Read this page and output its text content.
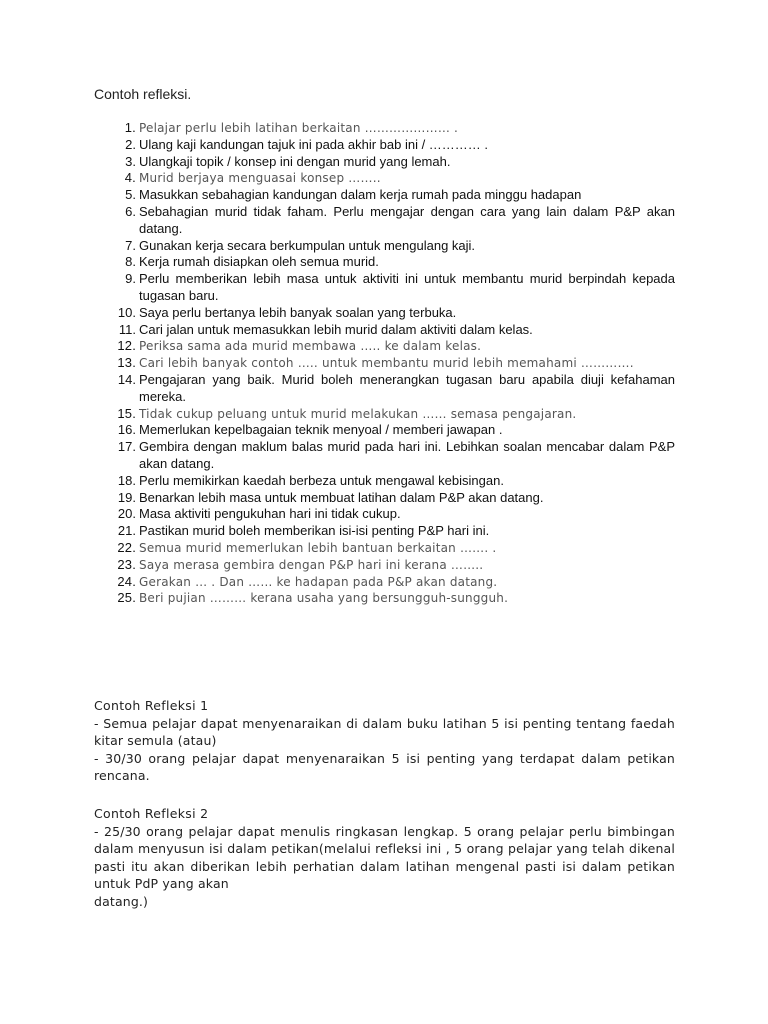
Contoh refleksi.
1. Pelajar perlu lebih latihan berkaitan ………………… .
2. Ulang kaji kandungan tajuk ini pada akhir bab ini / ………… .
3. Ulangkaji topik / konsep ini dengan murid yang lemah.
4. Murid berjaya menguasai konsep ……..
5. Masukkan sebahagian kandungan dalam kerja rumah pada minggu hadapan
6. Sebahagian murid tidak faham. Perlu mengajar dengan cara yang lain dalam P&P akan datang.
7. Gunakan kerja secara berkumpulan untuk mengulang kaji.
8. Kerja rumah disiapkan oleh semua murid.
9. Perlu memberikan lebih masa untuk aktiviti ini untuk membantu murid berpindah kepada tugasan baru.
10. Saya perlu bertanya lebih banyak soalan yang terbuka.
11. Cari jalan untuk memasukkan lebih murid dalam aktiviti dalam kelas.
12. Periksa sama ada murid membawa ….. ke dalam kelas.
13. Cari lebih banyak contoh ….. untuk membantu murid lebih memahami ………….
14. Pengajaran yang baik. Murid boleh menerangkan tugasan baru apabila diuji kefahaman mereka.
15. Tidak cukup peluang untuk murid melakukan …… semasa pengajaran.
16. Memerlukan kepelbagaian teknik menyoal / memberi jawapan .
17. Gembira dengan maklum balas murid pada hari ini. Lebihkan soalan mencabar dalam P&P akan datang.
18. Perlu memikirkan kaedah berbeza untuk mengawal kebisingan.
19. Benarkan lebih masa untuk membuat latihan dalam P&P akan datang.
20. Masa aktiviti pengukuhan hari ini tidak cukup.
21. Pastikan murid boleh memberikan isi-isi penting P&P hari ini.
22. Semua murid memerlukan lebih bantuan berkaitan ……. .
23. Saya merasa gembira dengan P&P hari ini kerana ……..
24. Gerakan … . Dan …… ke hadapan pada P&P akan datang.
25. Beri pujian ……… kerana usaha yang bersungguh-sungguh.
Contoh Refleksi 1
- Semua pelajar dapat menyenaraikan di dalam buku latihan 5 isi penting tentang faedah kitar semula (atau)
- 30/30 orang pelajar dapat menyenaraikan 5 isi penting yang terdapat dalam petikan rencana.
Contoh Refleksi 2
- 25/30 orang pelajar dapat menulis ringkasan lengkap. 5 orang pelajar perlu bimbingan dalam menyusun isi dalam petikan(melalui refleksi ini , 5 orang pelajar yang telah dikenal pasti itu akan diberikan lebih perhatian dalam latihan mengenal pasti isi dalam petikan untuk PdP yang akan
datang.)
